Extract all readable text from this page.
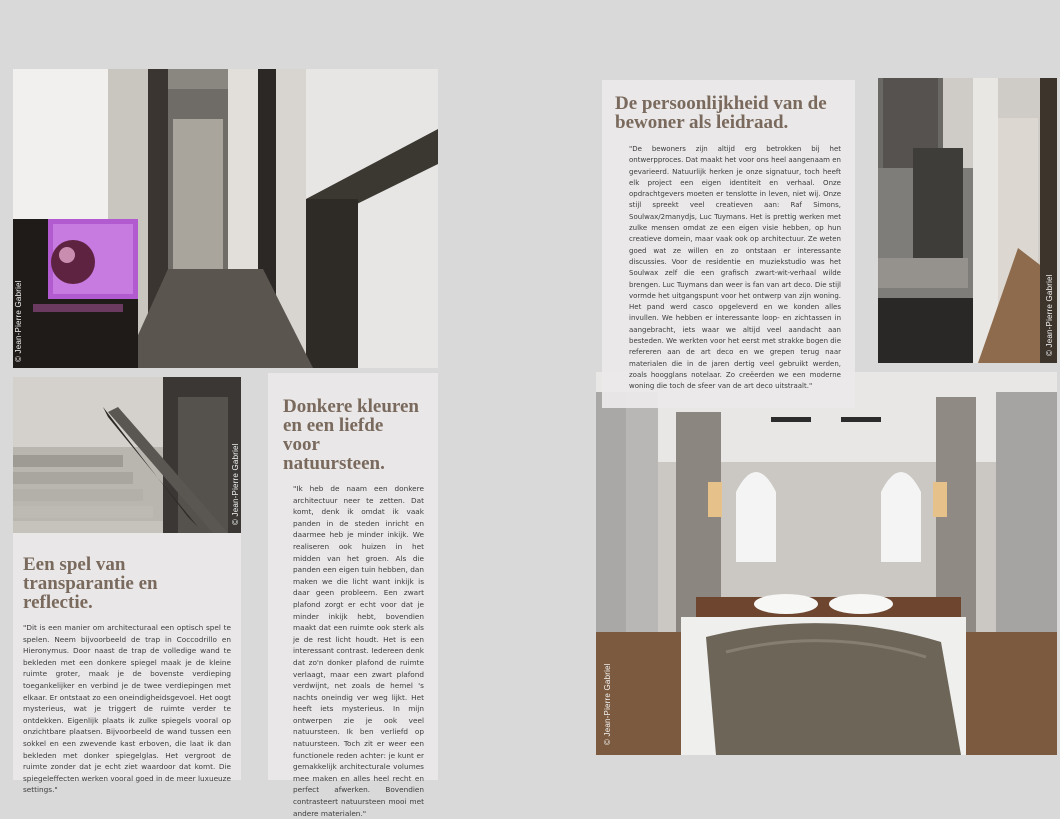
© Jean-Pierre Gabriel
© Jean-Pierre Gabriel
Een spel van transparantie en reflectie.

"Dit is een manier om architecturaal een optisch spel te spelen. Neem bijvoorbeeld de trap in Coccodrillo en Hieronymus. Door naast de trap de volledige wand te bekleden met een donkere spiegel maak je de kleine ruimte groter, maak je de bovenste verdieping toegankelijker en verbind je de twee verdiepingen met elkaar. Er ontstaat zo een oneindigheidsgevoel. Het oogt mysterieus, wat je triggert de ruimte verder te ontdekken. Eigenlijk plaats ik zulke spiegels vooral op onzichtbare plaatsen. Bijvoorbeeld de wand tussen een sokkel en een zwevende kast erboven, die laat ik dan bekleden met donker spiegelglas. Het vergroot de ruimte zonder dat je echt ziet waardoor dat komt. Die spiegeleffecten werken vooral goed in de meer luxueuze settings."

Donkere kleuren en een liefde voor natuursteen.

"Ik heb de naam een donkere architectuur neer te zetten. Dat komt, denk ik omdat ik vaak panden in de steden inricht en daarmee heb je minder inkijk. We realiseren ook huizen in het midden van het groen. Als die panden een eigen tuin hebben, dan maken we die licht want inkijk is daar geen probleem. Een zwart plafond zorgt er echt voor dat je minder inkijk hebt, bovendien maakt dat een ruimte ook sterk als je de rest licht houdt. Het is een interessant contrast. Iedereen denk dat zo'n donker plafond de ruimte verlaagt, maar een zwart plafond verdwijnt, net zoals de hemel 's nachts oneindig ver weg lijkt. Het heeft iets mysterieus. In mijn ontwerpen zie je ook veel natuursteen. Ik ben verliefd op natuursteen. Toch zit er weer een functionele reden achter: je kunt er gemakkelijk architecturale volumes mee maken en alles heel recht en perfect afwerken. Bovendien contrasteert natuursteen mooi met andere materialen."

© Jean-Pierre Gabriel
© Jean-Pierre Gabriel
De persoonlijkheid van de bewoner als leidraad.

"De bewoners zijn altijd erg betrokken bij het ontwerpproces. Dat maakt het voor ons heel aangenaam en gevarieerd. Natuurlijk herken je onze signatuur, toch heeft elk project een eigen identiteit en verhaal. Onze opdrachtgevers moeten er tenslotte in leven, niet wij. Onze stijl spreekt veel creatieven aan: Raf Simons, Soulwax/2manydjs, Luc Tuymans. Het is prettig werken met zulke mensen omdat ze een eigen visie hebben, op hun creatieve domein, maar vaak ook op architectuur. Ze weten goed wat ze willen en zo ontstaan er interessante discussies. Voor de residentie en muziekstudio was het Soulwax zelf die een grafisch zwart-wit-verhaal wilde brengen. Luc Tuymans dan weer is fan van art deco. Die stijl vormde het uitgangspunt voor het ontwerp van zijn woning. Het pand werd casco opgeleverd en we konden alles invullen. We hebben er interessante loop- en zichtassen in aangebracht, iets waar we altijd veel aandacht aan besteden. We werkten voor het eerst met strakke bogen die refereren aan de art deco en we grepen terug naar materialen die in de jaren dertig veel gebruikt werden, zoals hoogglans notelaar. Zo creëerden we een moderne woning die toch de sfeer van de art deco uitstraalt."
